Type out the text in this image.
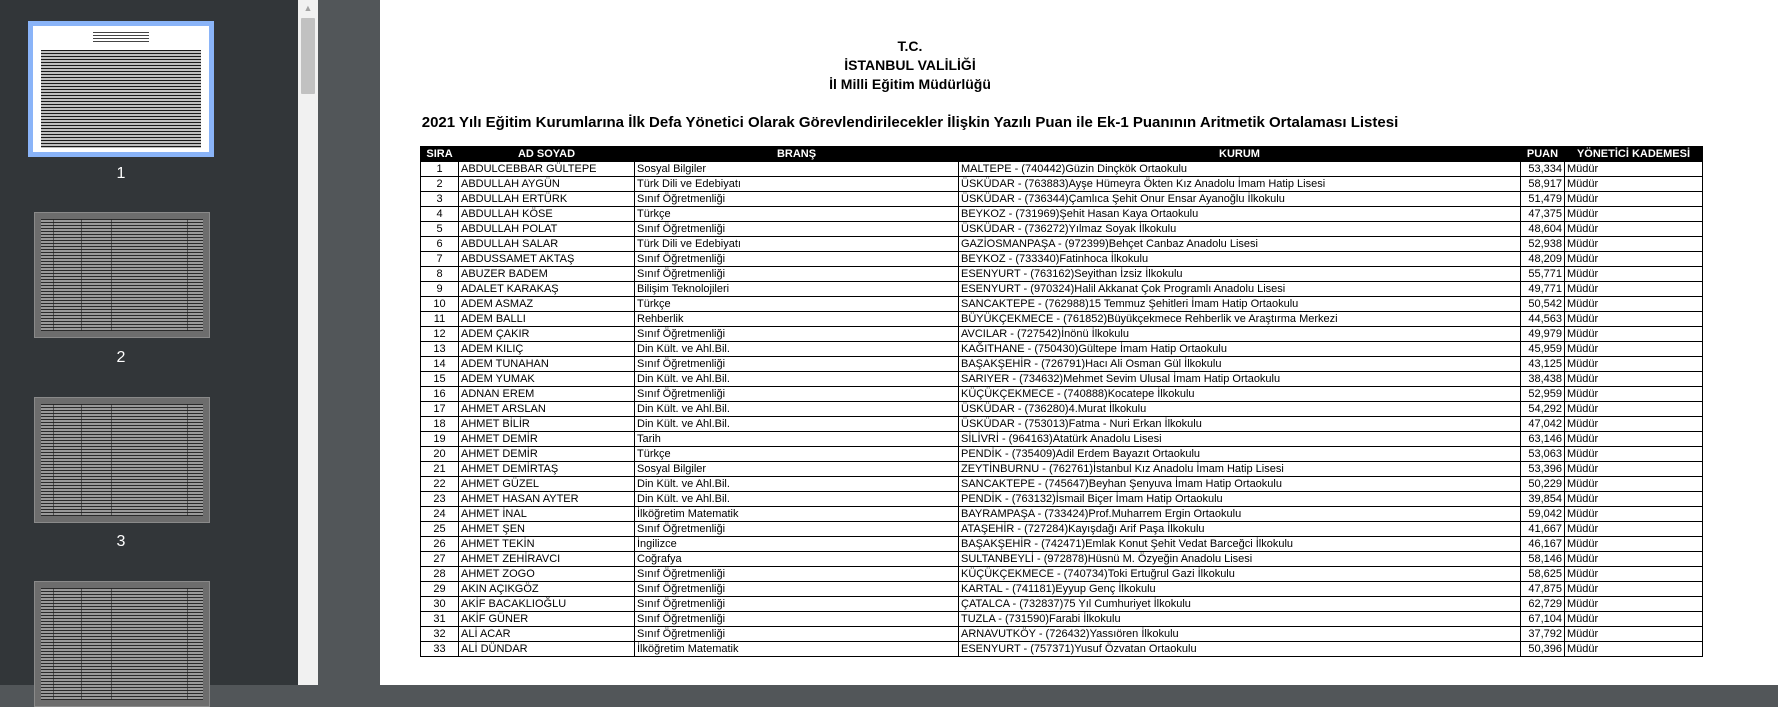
1
2
3
▲
T.C.
İSTANBUL VALİLİĞİ
İl Milli Eğitim Müdürlüğü
2021 Yılı Eğitim Kurumlarına İlk Defa Yönetici Olarak Görevlendirilecekler İlişkin Yazılı Puan ile Ek-1 Puanının Aritmetik Ortalaması Listesi
SIRA	AD SOYAD	BRANŞ	KURUM	PUAN	YÖNETİCİ KADEMESİ
1	ABDULCEBBAR GÜLTEPE	Sosyal Bilgiler	MALTEPE - (740442)Güzin Dinçkök Ortaokulu	53,334	Müdür
2	ABDULLAH AYGÜN	Türk Dili ve Edebiyatı	ÜSKÜDAR - (763883)Ayşe Hümeyra Ökten Kız Anadolu İmam Hatip Lisesi	58,917	Müdür
3	ABDULLAH ERTÜRK	Sınıf Öğretmenliği	ÜSKÜDAR - (736344)Çamlıca Şehit Onur Ensar Ayanoğlu İlkokulu	51,479	Müdür
4	ABDULLAH KÖSE	Türkçe	BEYKOZ - (731969)Şehit Hasan Kaya Ortaokulu	47,375	Müdür
5	ABDULLAH POLAT	Sınıf Öğretmenliği	ÜSKÜDAR - (736272)Yılmaz Soyak İlkokulu	48,604	Müdür
6	ABDULLAH SALAR	Türk Dili ve Edebiyatı	GAZİOSMANPAŞA - (972399)Behçet Canbaz Anadolu Lisesi	52,938	Müdür
7	ABDUSSAMET AKTAŞ	Sınıf Öğretmenliği	BEYKOZ - (733340)Fatinhoca İlkokulu	48,209	Müdür
8	ABUZER BADEM	Sınıf Öğretmenliği	ESENYURT - (763162)Seyithan İzsiz İlkokulu	55,771	Müdür
9	ADALET KARAKAŞ	Bilişim Teknolojileri	ESENYURT - (970324)Halil Akkanat Çok Programlı Anadolu Lisesi	49,771	Müdür
10	ADEM ASMAZ	Türkçe	SANCAKTEPE - (762988)15 Temmuz Şehitleri İmam Hatip Ortaokulu	50,542	Müdür
11	ADEM BALLI	Rehberlik	BÜYÜKÇEKMECE - (761852)Büyükçekmece Rehberlik ve Araştırma Merkezi	44,563	Müdür
12	ADEM ÇAKIR	Sınıf Öğretmenliği	AVCILAR - (727542)İnönü İlkokulu	49,979	Müdür
13	ADEM KILIÇ	Din Kült. ve Ahl.Bil.	KAĞITHANE - (750430)Gültepe İmam Hatip Ortaokulu	45,959	Müdür
14	ADEM TUNAHAN	Sınıf Öğretmenliği	BAŞAKŞEHİR - (726791)Hacı Ali Osman Gül İlkokulu	43,125	Müdür
15	ADEM YUMAK	Din Kült. ve Ahl.Bil.	SARIYER - (734632)Mehmet Sevim Ulusal İmam Hatip Ortaokulu	38,438	Müdür
16	ADNAN EREM	Sınıf Öğretmenliği	KÜÇÜKÇEKMECE - (740888)Kocatepe İlkokulu	52,959	Müdür
17	AHMET ARSLAN	Din Kült. ve Ahl.Bil.	ÜSKÜDAR - (736280)4.Murat İlkokulu	54,292	Müdür
18	AHMET BİLİR	Din Kült. ve Ahl.Bil.	ÜSKÜDAR - (753013)Fatma - Nuri Erkan İlkokulu	47,042	Müdür
19	AHMET DEMİR	Tarih	SİLİVRİ - (964163)Atatürk Anadolu Lisesi	63,146	Müdür
20	AHMET DEMİR	Türkçe	PENDİK - (735409)Adil Erdem Bayazıt Ortaokulu	53,063	Müdür
21	AHMET DEMİRTAŞ	Sosyal Bilgiler	ZEYTİNBURNU - (762761)İstanbul Kız Anadolu İmam Hatip Lisesi	53,396	Müdür
22	AHMET GÜZEL	Din Kült. ve Ahl.Bil.	SANCAKTEPE - (745647)Beyhan Şenyuva İmam Hatip Ortaokulu	50,229	Müdür
23	AHMET HASAN AYTER	Din Kült. ve Ahl.Bil.	PENDİK - (763132)İsmail Biçer İmam Hatip Ortaokulu	39,854	Müdür
24	AHMET İNAL	İlköğretim Matematik	BAYRAMPAŞA - (733424)Prof.Muharrem Ergin Ortaokulu	59,042	Müdür
25	AHMET ŞEN	Sınıf Öğretmenliği	ATAŞEHİR - (727284)Kayışdağı Arif Paşa İlkokulu	41,667	Müdür
26	AHMET TEKİN	İngilizce	BAŞAKŞEHİR - (742471)Emlak Konut Şehit Vedat Barceğci İlkokulu	46,167	Müdür
27	AHMET ZEHİRAVCI	Coğrafya	SULTANBEYLİ - (972878)Hüsnü M. Özyeğin Anadolu Lisesi	58,146	Müdür
28	AHMET ZOGO	Sınıf Öğretmenliği	KÜÇÜKÇEKMECE - (740734)Toki Ertuğrul Gazi İlkokulu	58,625	Müdür
29	AKIN AÇIKGÖZ	Sınıf Öğretmenliği	KARTAL - (741181)Eyyup Genç İlkokulu	47,875	Müdür
30	AKİF BACAKLIOĞLU	Sınıf Öğretmenliği	ÇATALCA - (732837)75 Yıl Cumhuriyet İlkokulu	62,729	Müdür
31	AKİF GÜNER	Sınıf Öğretmenliği	TUZLA - (731590)Farabi İlkokulu	67,104	Müdür
32	ALİ ACAR	Sınıf Öğretmenliği	ARNAVUTKÖY - (726432)Yassıören İlkokulu	37,792	Müdür
33	ALİ DÜNDAR	İlköğretim Matematik	ESENYURT - (757371)Yusuf Özvatan Ortaokulu	50,396	Müdür
